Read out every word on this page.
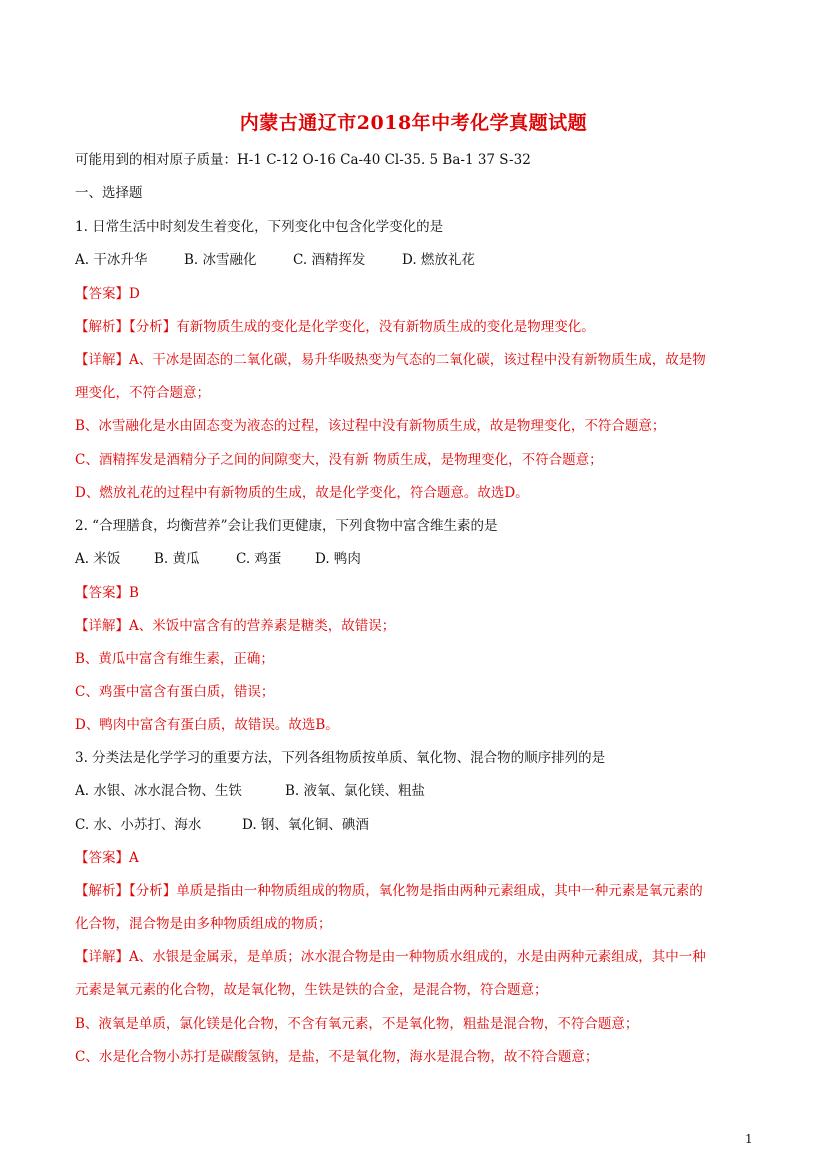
内蒙古通辽市2018年中考化学真题试题
可能用到的相对原子质量：H-1 C-12 O-16 Ca-40 Cl-35. 5 Ba-1 37 S-32
一、选择题
1. 日常生活中时刻发生着变化，下列变化中包含化学变化的是
A. 干冰升华	B. 冰雪融化	C. 酒精挥发	D. 燃放礼花
【答案】D
【解析】【分析】有新物质生成的变化是化学变化，没有新物质生成的变化是物理变化。
【详解】A、干冰是固态的二氧化碳，易升华吸热变为气态的二氧化碳，该过程中没有新物质生成，故是物
理变化，不符合题意；
B、冰雪融化是水由固态变为液态的过程，该过程中没有新物质生成，故是物理变化，不符合题意；
C、酒精挥发是酒精分子之间的间隙变大，没有新 物质生成，是物理变化，不符合题意；
D、燃放礼花的过程中有新物质的生成，故是化学变化，符合题意。故选D。
2. “合理膳食，均衡营养”会让我们更健康，下列食物中富含维生素的是
A. 米饭 B. 黄瓜	C. 鸡蛋 D. 鸭肉
【答案】B
【详解】A、米饭中富含有的营养素是糖类，故错误；
B、黄瓜中富含有维生素，正确；
C、鸡蛋中富含有蛋白质，错误；
D、鸭肉中富含有蛋白质，故错误。故选B。
3. 分类法是化学学习的重要方法，下列各组物质按单质、氧化物、混合物的顺序排列的是
A. 水银、冰水混合物、生铁	B. 液氧、氯化镁、粗盐
C. 水、小苏打、海水	D. 钢、氧化铜、碘酒
【答案】A
【解析】【分析】单质是指由一种物质组成的物质，氧化物是指由两种元素组成，其中一种元素是氧元素的
化合物，混合物是由多种物质组成的物质；
【详解】A、水银是金属汞，是单质；冰水混合物是由一种物质水组成的，水是由两种元素组成，其中一种
元素是氧元素的化合物，故是氧化物，生铁是铁的合金，是混合物，符合题意；
B、液氧是单质，氯化镁是化合物，不含有氧元素，不是氧化物，粗盐是混合物，不符合题意；
C、水是化合物小苏打是碳酸氢钠，是盐，不是氧化物，海水是混合物，故不符合题意；
1
